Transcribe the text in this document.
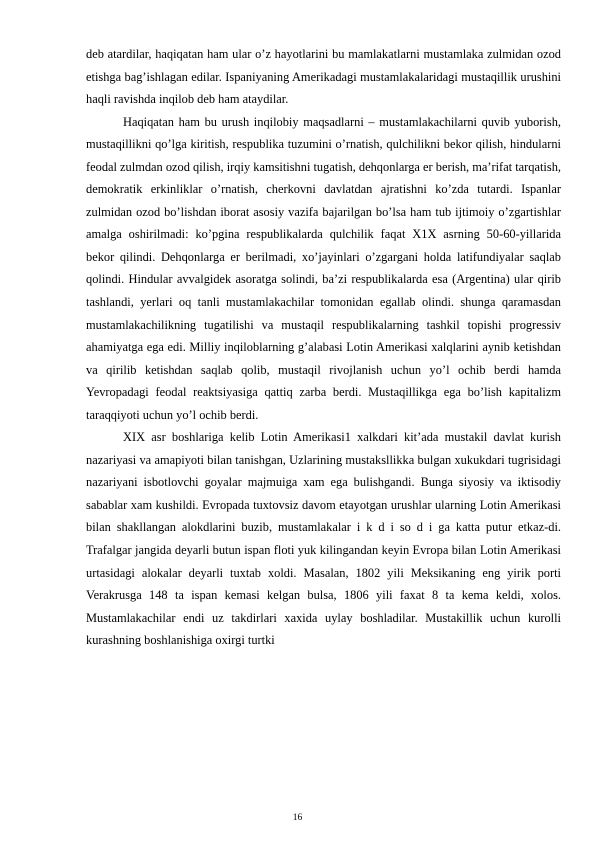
deb atardilar, haqiqatan ham ular o’z hayotlarini bu mamlakatlarni mustamlaka zulmidan ozod etishga bag’ishlagan edilar. Ispaniyaning Amerikadagi mustamlakalaridagi mustaqillik urushini haqli ravishda inqilob deb ham ataydilar.

Haqiqatan ham bu urush inqilobiy maqsadlarni – mustamlakachilarni quvib yuborish, mustaqillikni qo’lga kiritish, respublika tuzumini o’rnatish, qulchilikni bekor qilish, hindularni feodal zulmdan ozod qilish, irqiy kamsitishni tugatish, dehqonlarga er berish, ma’rifat tarqatish, demokratik erkinliklar o’rnatish, cherkovni davlatdan ajratishni ko’zda tutardi. Ispanlar zulmidan ozod bo’lishdan iborat asosiy vazifa bajarilgan bo’lsa ham tub ijtimoiy o’zgartishlar amalga oshirilmadi: ko’pgina respublikalarda qulchilik faqat X1X asrning 50-60-yillarida bekor qilindi. Dehqonlarga er berilmadi, xo’jayinlari o’zgargani holda latifundiyalar saqlab qolindi. Hindular avvalgidek asoratga solindi, ba’zi respublikalarda esa (Argentina) ular qirib tashlandi, yerlari oq tanli mustamlakachilar tomonidan egallab olindi. shunga qaramasdan mustamlakachilikning tugatilishi va mustaqil respublikalarning tashkil topishi progressiv ahamiyatga ega edi. Milliy inqiloblarning g’alabasi Lotin Amerikasi xalqlarini aynib ketishdan va qirilib ketishdan saqlab qolib, mustaqil rivojlanish uchun yo’l ochib berdi hamda Yevropadagi feodal reaktsiyasiga qattiq zarba berdi. Mustaqillikga ega bo’lish kapitalizm taraqqiyoti uchun yo’l ochib berdi.

XIX asr boshlariga kelib Lotin Amerikasi1 xalkdari kit’ada mustakil davlat kurish nazariyasi va amapiyoti bilan tanishgan, Uzlarining mustaksllikka bulgan xukukdari tugrisidagi nazariyani isbotlovchi goyalar majmuiga xam ega bulishgandi. Bunga siyosiy va iktisodiy sabablar xam kushildi. Evropada tuxtovsiz davom etayotgan urushlar ularning Lotin Amerikasi bilan shakllangan alokdlarini buzib, mustamlakalar i k d i so d i ga katta putur etkaz-di. Trafalgar jangida deyarli butun ispan floti yuk kilingandan keyin Evropa bilan Lotin Amerikasi urtasidagi alokalar deyarli tuxtab xoldi. Masalan, 1802 yili Meksikaning eng yirik porti Verakrusga 148 ta ispan kemasi kelgan bulsa, 1806 yili faxat 8 ta kema keldi, xolos. Mustamlakachilar endi uz takdirlari xaxida uylay boshladilar. Mustakillik uchun kurolli kurashning boshlanishiga oxirgi turtki

16
